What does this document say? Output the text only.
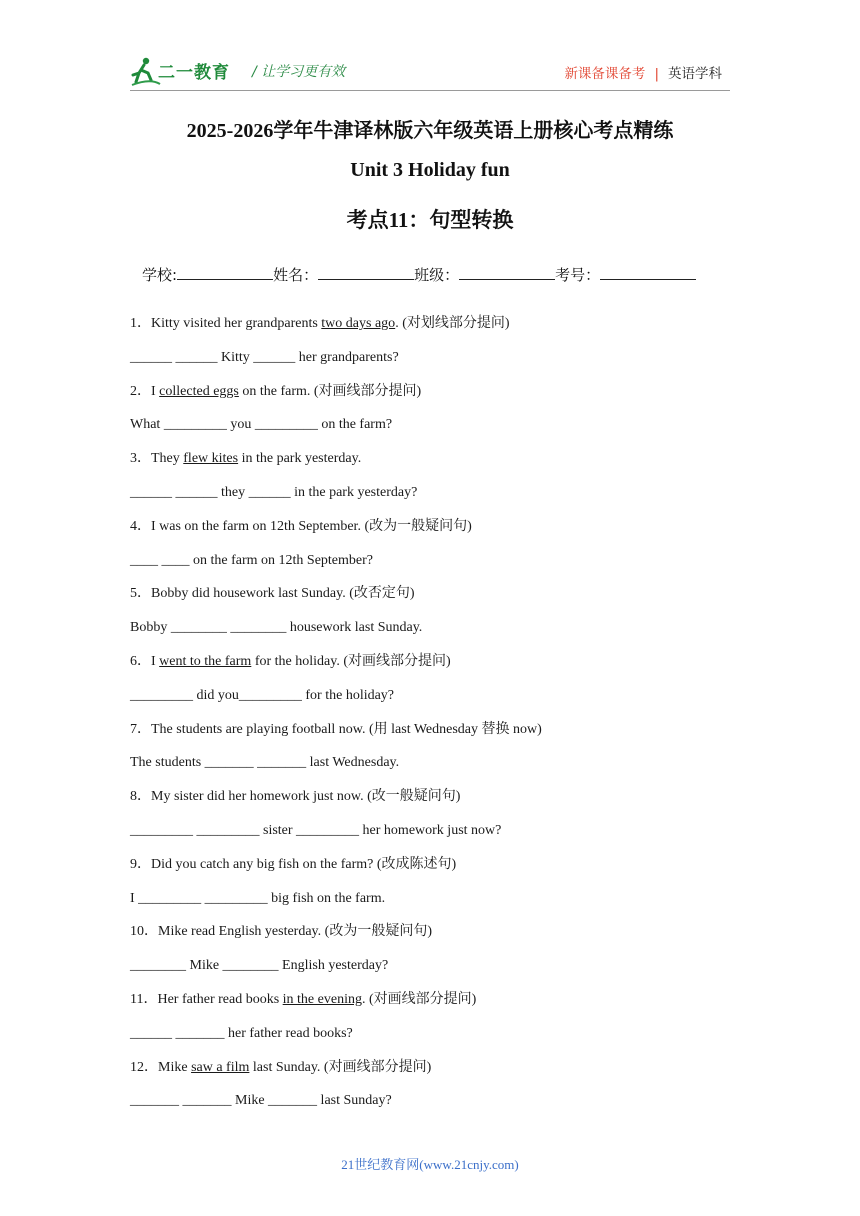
二一教育 / 让学习更有效	新课备课备考 | 英语学科
2025-2026学年牛津译林版六年级英语上册核心考点精练
Unit 3 Holiday fun
考点11：句型转换
学校:	姓名：	班级：	考号：
1．Kitty visited her grandparents two days ago. (对划线部分提问)
______ ______ Kitty ______ her grandparents?
2．I collected eggs on the farm. (对画线部分提问)
What _________ you _________ on the farm?
3．They flew kites in the park yesterday.
______ ______ they ______ in the park yesterday?
4．I was on the farm on 12th September. (改为一般疑问句)
____ ____ on the farm on 12th September?
5．Bobby did housework last Sunday. (改否定句)
Bobby ________ ________ housework last Sunday.
6．I went to the farm for the holiday. (对画线部分提问)
_________ did you_________ for the holiday?
7．The students are playing football now. (用 last Wednesday 替换 now)
The students _______ _______ last Wednesday.
8．My sister did her homework just now. (改一般疑问句)
_________ _________ sister _________ her homework just now?
9．Did you catch any big fish on the farm? (改成陈述句)
I _________ _________ big fish on the farm.
10．Mike read English yesterday. (改为一般疑问句)
________ Mike ________ English yesterday?
11．Her father read books in the evening. (对画线部分提问)
______ _______ her father read books?
12．Mike saw a film last Sunday. (对画线部分提问)
_______ _______ Mike _______ last Sunday?
21世纪教育网(www.21cnjy.com)
